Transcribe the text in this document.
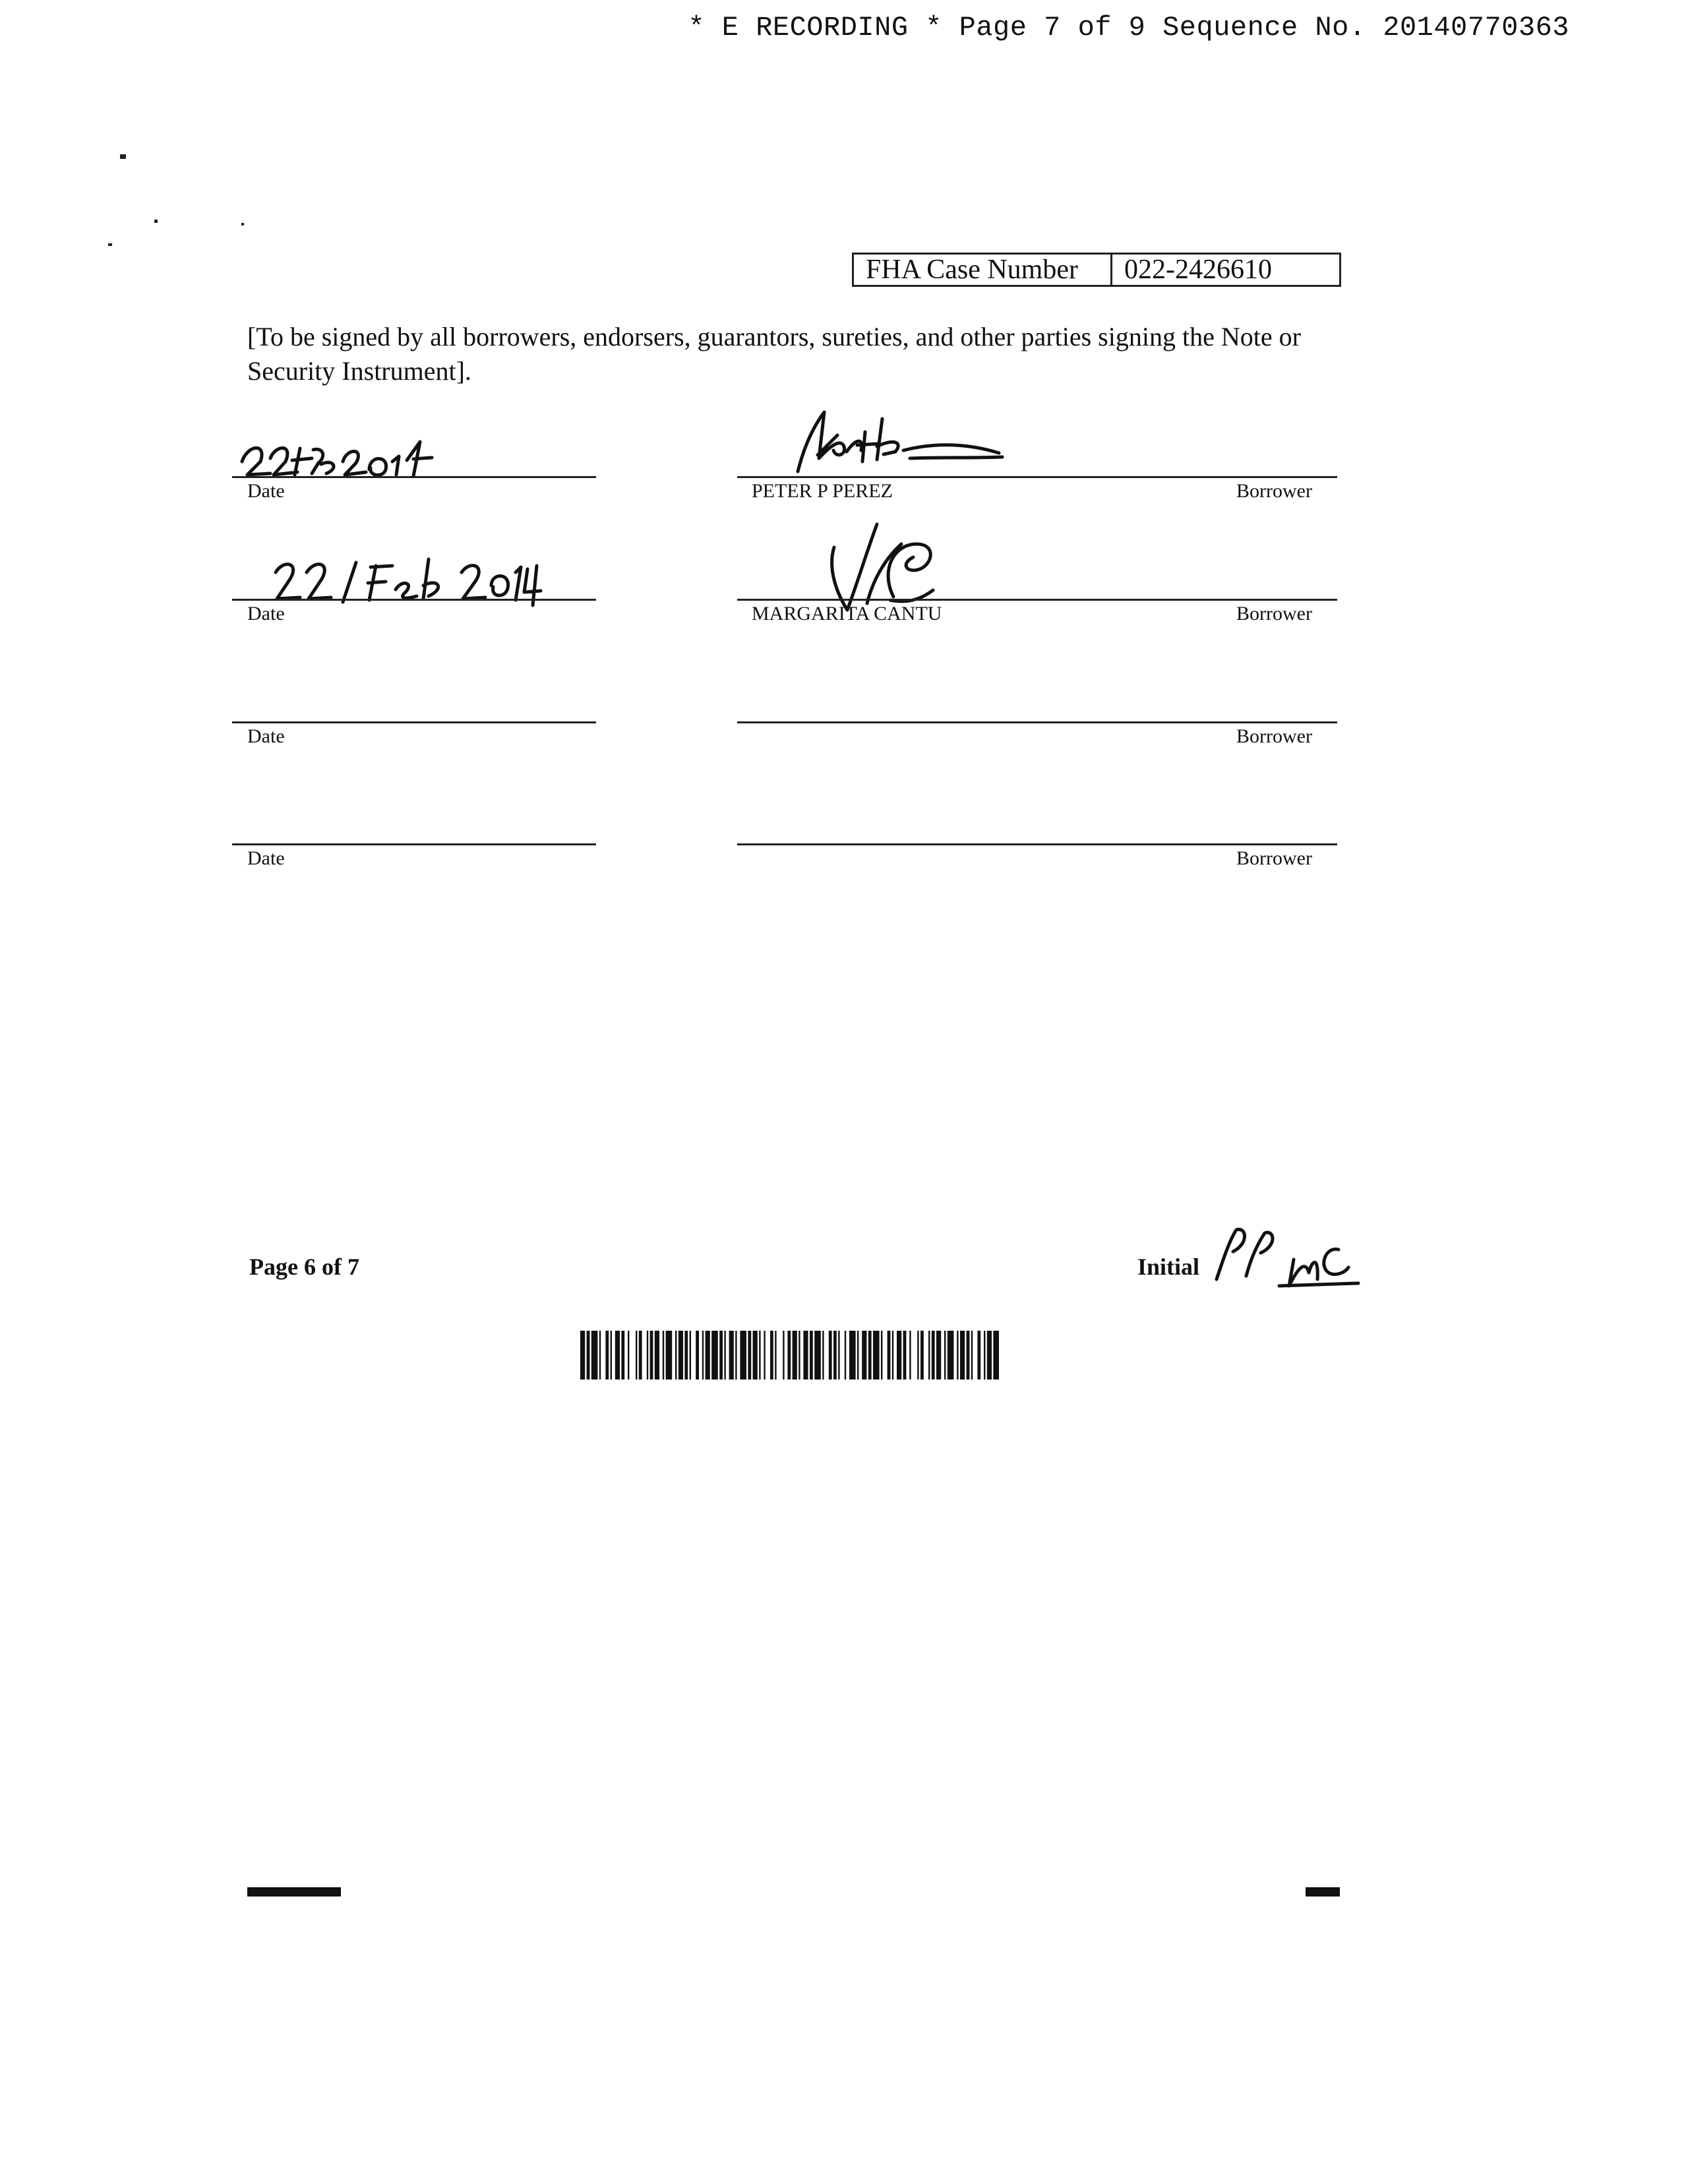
* E RECORDING * Page 7 of 9 Sequence No. 20140770363
FHA Case Number	022-2426610
[To be signed by all borrowers, endorsers, guarantors, sureties, and other parties signing the Note or Security Instrument].
Date	PETER P PEREZ	Borrower
Date	MARGARITA CANTU	Borrower
Date	Borrower
Date	Borrower
Page 6 of 7	Initial
